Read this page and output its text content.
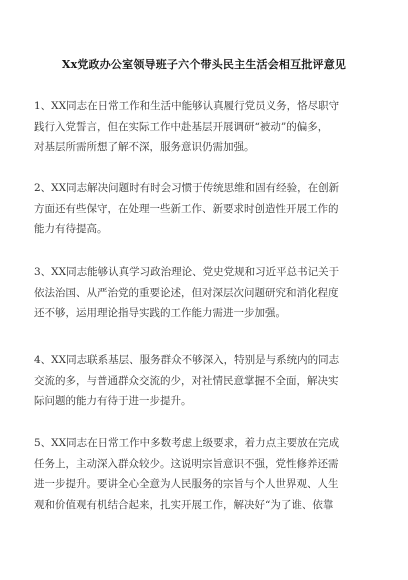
Xx党政办公室领导班子六个带头民主生活会相互批评意见
1、XX同志在日常工作和生活中能够认真履行党员义务，恪尽职守
践行入党誓言，但在实际工作中赴基层开展调研“被动”的偏多，
对基层所需所想了解不深，服务意识仍需加强。
2、XX同志解决问题时有时会习惯于传统思维和固有经验，在创新
方面还有些保守，在处理一些新工作、新要求时创造性开展工作的
能力有待提高。
3、XX同志能够认真学习政治理论、党史党规和习近平总书记关于
依法治国、从严治党的重要论述，但对深层次问题研究和消化程度
还不够，运用理论指导实践的工作能力需进一步加强。
4、XX同志联系基层、服务群众不够深入，特别是与系统内的同志
交流的多，与普通群众交流的少，对社情民意掌握不全面，解决实
际问题的能力有待于进一步提升。
5、XX同志在日常工作中多数考虑上级要求，着力点主要放在完成
任务上，主动深入群众较少。这说明宗旨意识不强，党性修养还需
进一步提升。要讲全心全意为人民服务的宗旨与个人世界观、人生
观和价值观有机结合起来，扎实开展工作，解决好“为了谁、依靠
